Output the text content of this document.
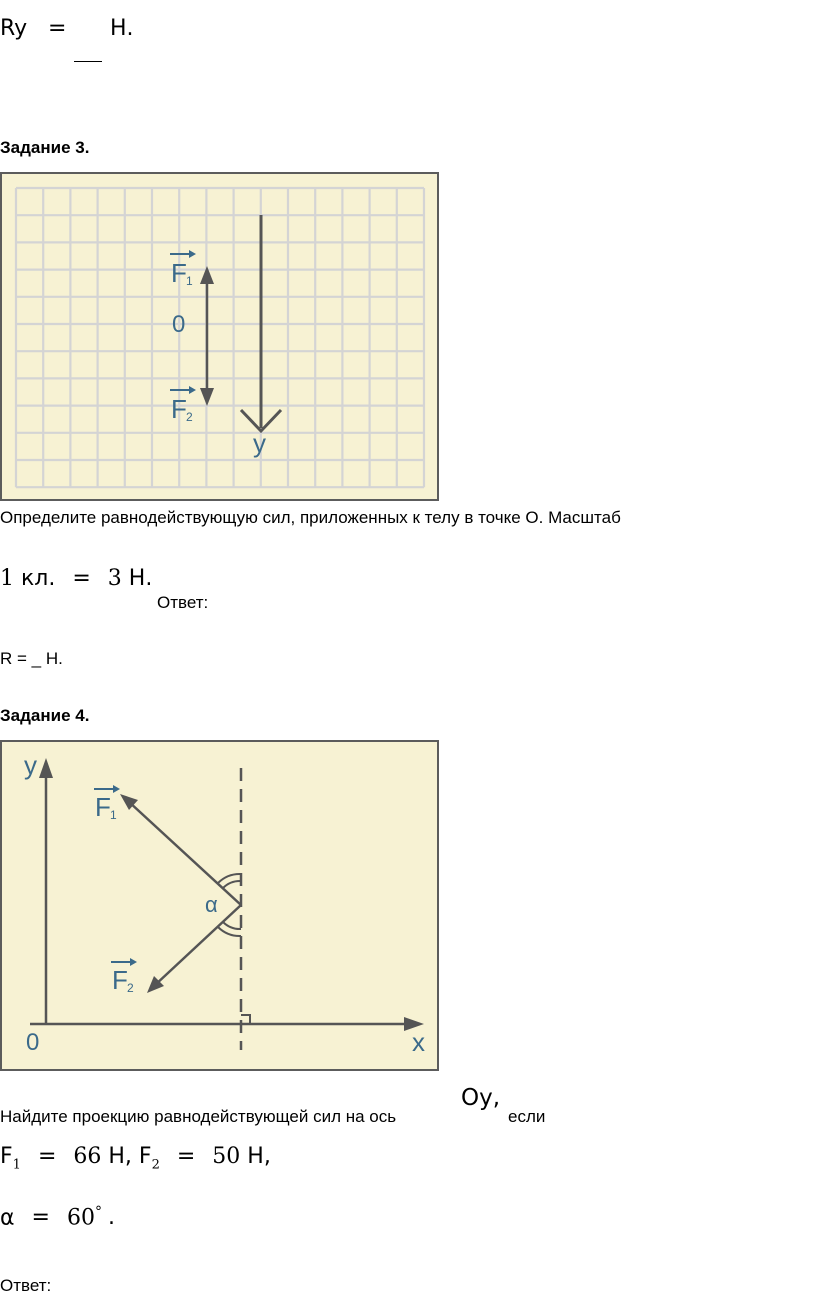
Ry = Н.
Задание 3.
F 1
0
F 2
y
Определите равнодействующую сил, приложенных к телу в точке О. Масштаб
1 кл. = 3 Н.
Ответ:
R = _ Н.
Задание 4.
y
0	x
F 1
α
F 2
Найдите проекцию равнодействующей сил на ось
Oy,
если
$F_1 = 66$ Н, $F_2 = 50$ Н,
α = 60° .
Ответ:
